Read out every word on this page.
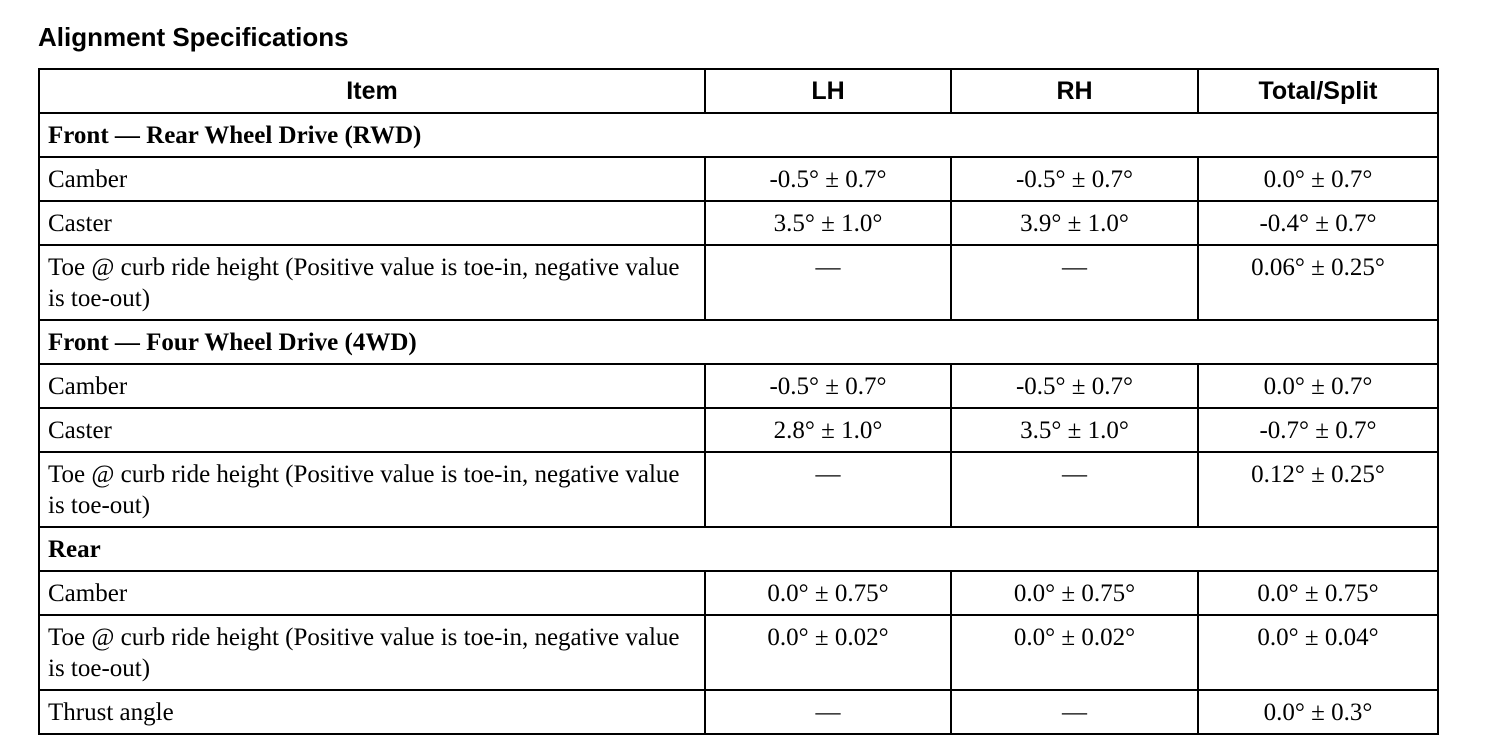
Alignment Specifications
Item	LH	RH	Total/Split
Front — Rear Wheel Drive (RWD)			
Camber	-0.5° ± 0.7°	-0.5° ± 0.7°	0.0° ± 0.7°
Caster	3.5° ± 1.0°	3.9° ± 1.0°	-0.4° ± 0.7°
Toe @ curb ride height (Positive value is toe-in, negative value is toe-out)	—	—	0.06° ± 0.25°
Front — Four Wheel Drive (4WD)			
Camber	-0.5° ± 0.7°	-0.5° ± 0.7°	0.0° ± 0.7°
Caster	2.8° ± 1.0°	3.5° ± 1.0°	-0.7° ± 0.7°
Toe @ curb ride height (Positive value is toe-in, negative value is toe-out)	—	—	0.12° ± 0.25°
Rear			
Camber	0.0° ± 0.75°	0.0° ± 0.75°	0.0° ± 0.75°
Toe @ curb ride height (Positive value is toe-in, negative value is toe-out)	0.0° ± 0.02°	0.0° ± 0.02°	0.0° ± 0.04°
Thrust angle	—	—	0.0° ± 0.3°
